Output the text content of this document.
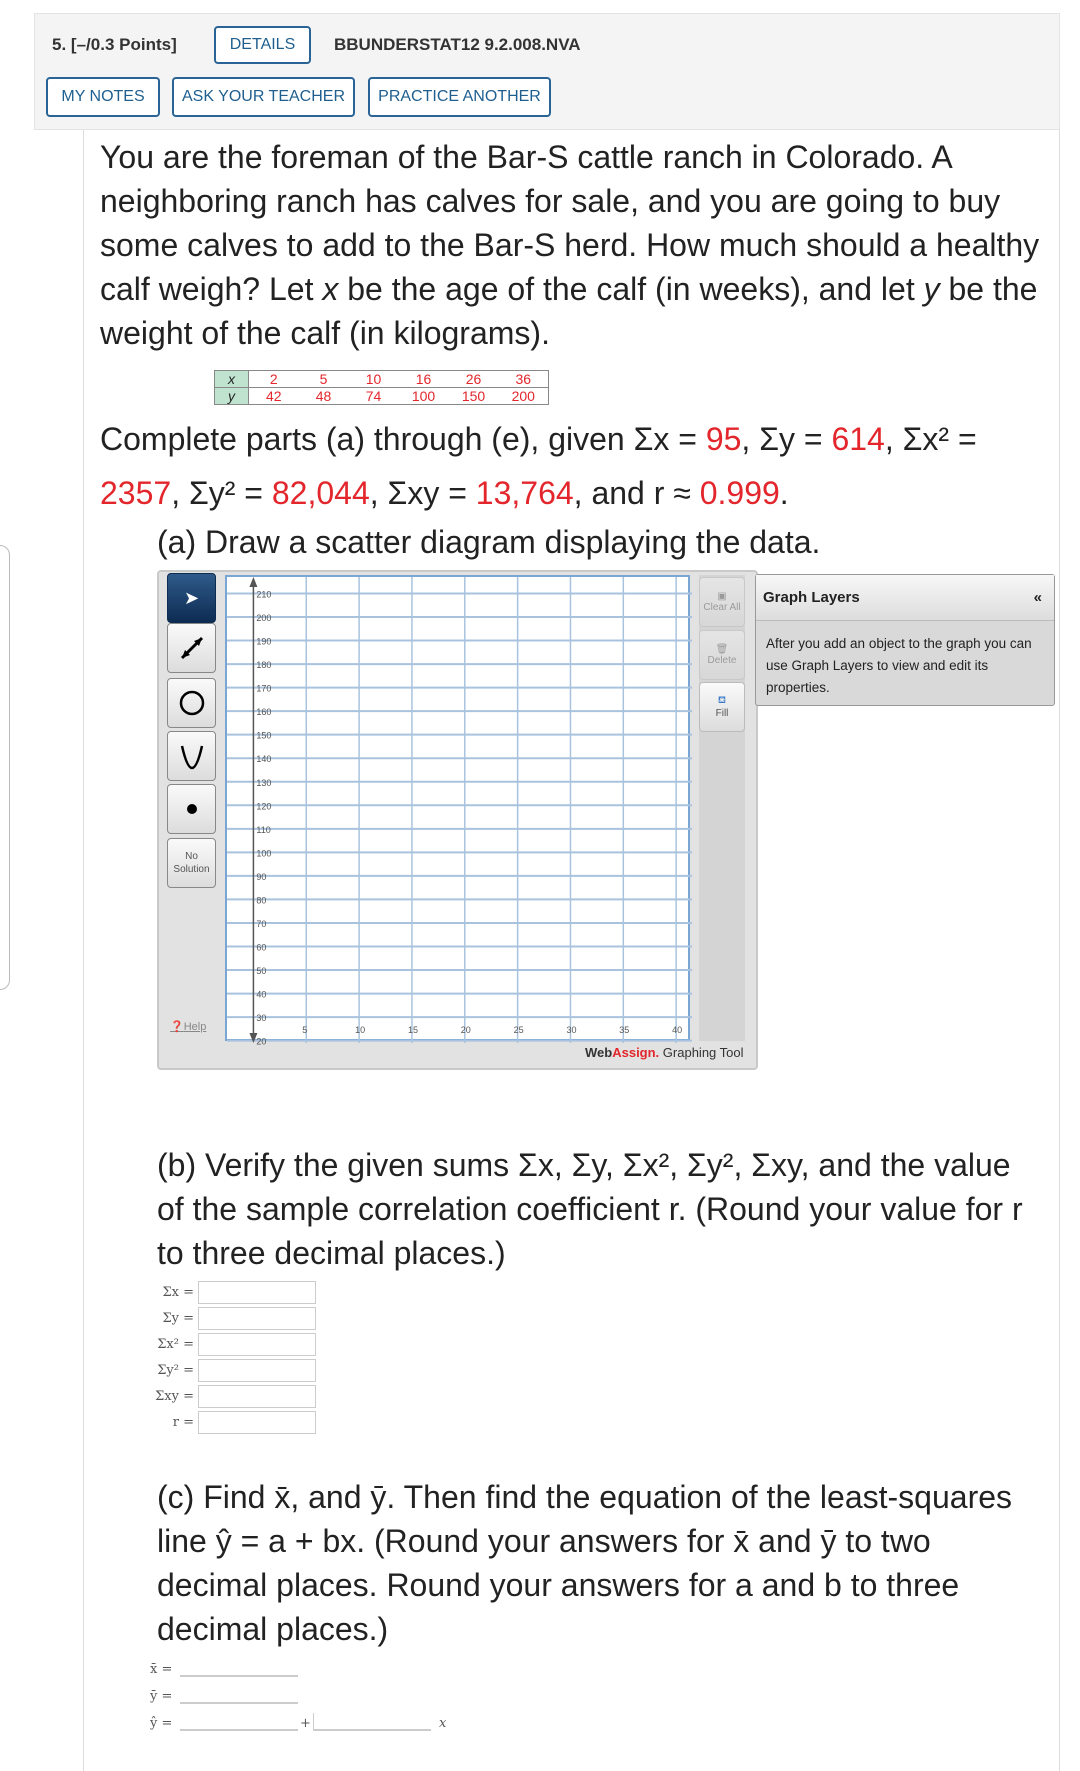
5. [–/0.3 Points]	DETAILS	BBUNDERSTAT12 9.2.008.NVA
MY NOTES	ASK YOUR TEACHER	PRACTICE ANOTHER
You are the foreman of the Bar-S cattle ranch in Colorado. A neighboring ranch has calves for sale, and you are going to buy some calves to add to the Bar-S herd. How much should a healthy calf weigh? Let x be the age of the calf (in weeks), and let y be the weight of the calf (in kilograms).
x	2	5	10	16	26	36
y	42	48	74	100	150	200
Complete parts (a) through (e), given Σx = 95, Σy = 614, Σx² = 2357, Σy² = 82,044, Σxy = 13,764, and r ≈ 0.999.
(a) Draw a scatter diagram displaying the data.
➤
No Solution
❓Help
20
30
40
50
60
70
80
90
100
110
120
130
140
150
160
170
180
190
200
210
5	10	15	20	25	30	35	40
▣
Clear All
🗑
Delete
⛾
Fill
WebAssign. Graphing Tool
Graph Layers	«
After you add an object to the graph you can use Graph Layers to view and edit its properties.
(b) Verify the given sums Σx, Σy, Σx², Σy², Σxy, and the value of the sample correlation coefficient r. (Round your value for r to three decimal places.)
Σx =
Σy =
Σx² =
Σy² =
Σxy =
r =
(c) Find x̄, and ȳ. Then find the equation of the least-squares line ŷ = a + bx. (Round your answers for x̄ and ȳ to two decimal places. Round your answers for a and b to three decimal places.)
x̄ =
ȳ =
ŷ =	+	x
